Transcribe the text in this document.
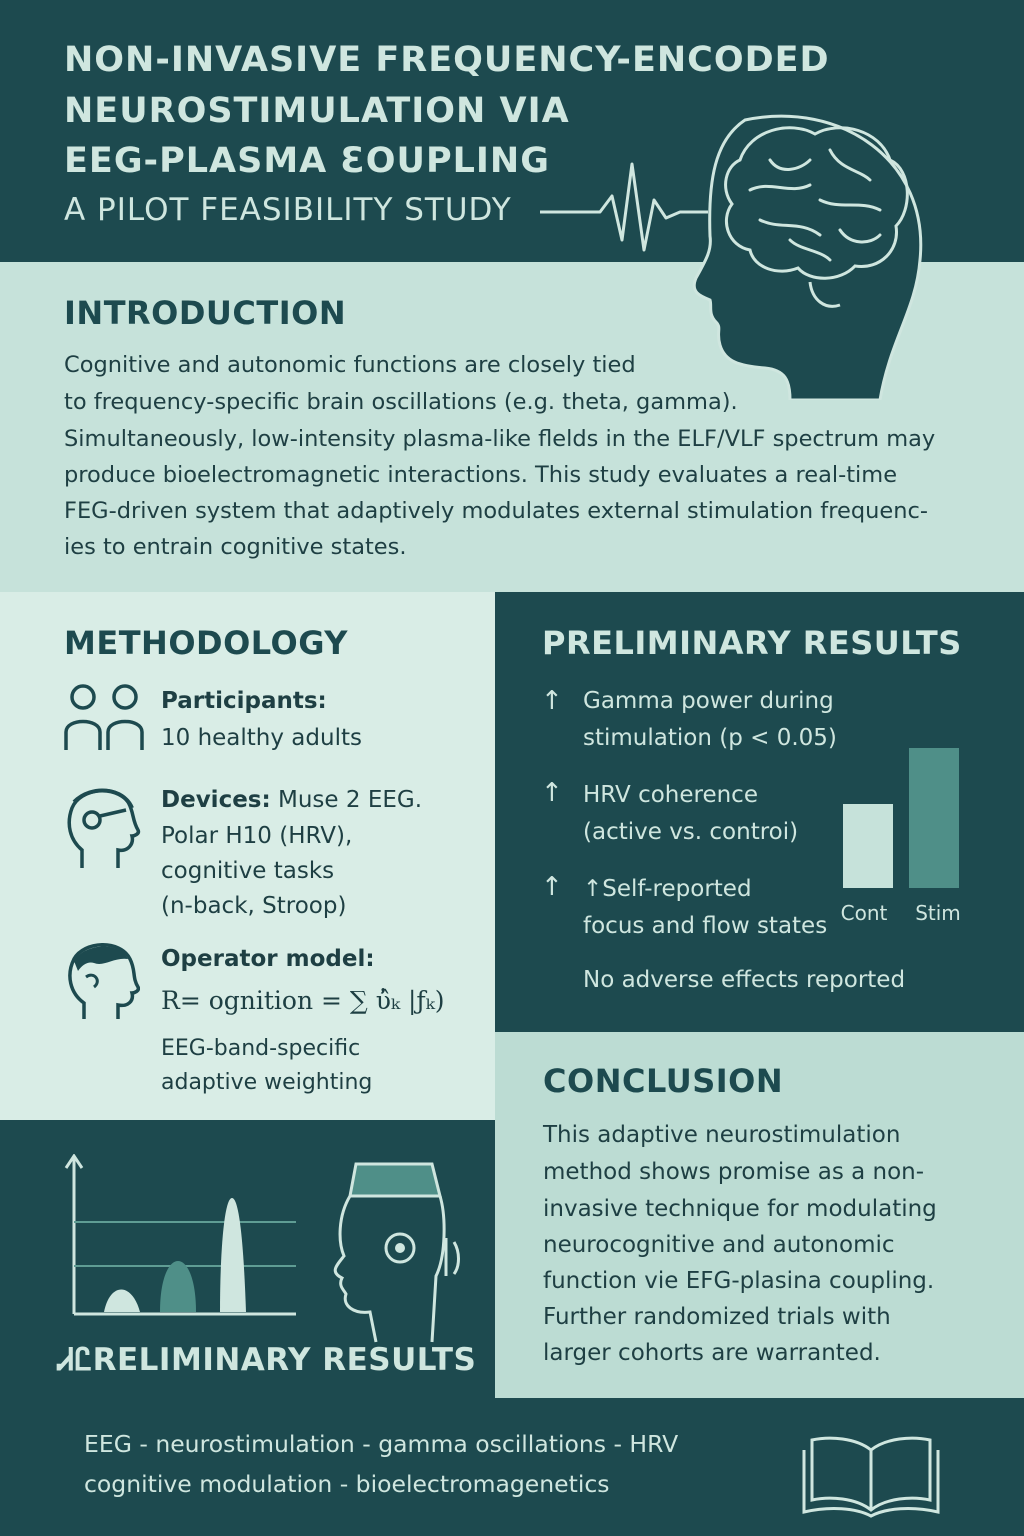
NON-INVASIVE FREQUENCY-ENCODED
NEUROSTIMULATION VIA
EEG-PLASMA ƐOUPLING
A PILOT FEASIBILITY STUDY
INTRODUCTION
Cognitive and autonomic functions are closely tied
to frequency-specific brain oscillations (e.g. theta, gamma).
Simultaneously, low-intensity plasma-like flelds in the ELF/VLF spectrum may
produce bioelectromagnetic interactions. This study evaluates a real-time
FEG-driven system that adaptively modulates external stimulation frequenc-
ies to entrain cognitive states.
METHODOLOGY
Participants:
10 healthy adults
Devices: Muse 2 EEG.
Polar H10 (HRV),
cognitive tasks
(n-back, Stroop)
Operator model:
R= ognition = ∑ ὐ̂ₖ |ƒₖ)
EEG-band-specific
adaptive weighting
PRELIMINARY RESULTS
↑ Gamma power during
stimulation (p < 0.05)
↑ HRV coherence
(active vs. controi)
↑ ↑Self-reported
focus and flow states
No adverse effects reported
Cont Stim
ᏗᏝRELIMINARY RESULTS
CONCLUSION
This adaptive neurostimulation
method shows promise as a non-
invasive technique for modulating
neurocognitive and autonomic
function vie EFG-plasina coupling.
Further randomized trials with
larger cohorts are warranted.
EEG - neurostimulation - gamma oscillations - HRV
cognitive modulation - bioelectromagenetics
